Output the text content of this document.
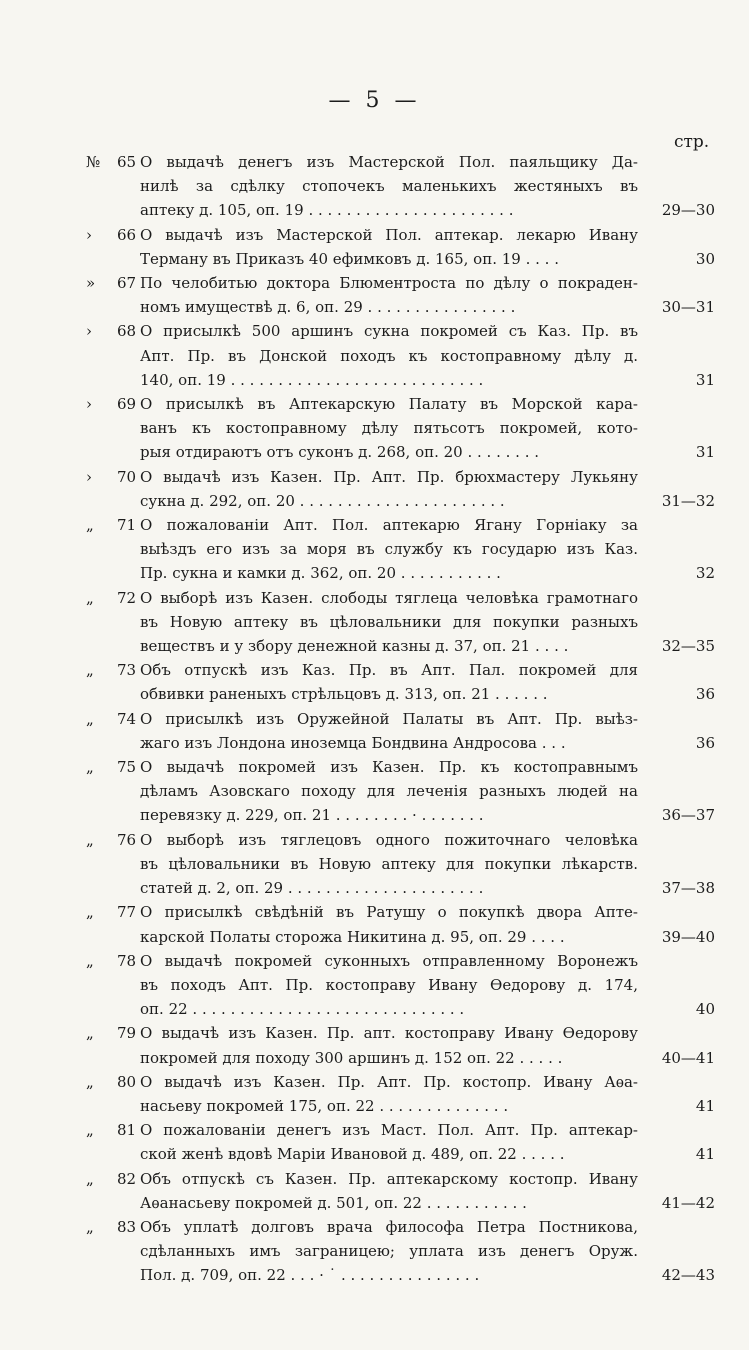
— 5 —
стр.
№	65 О выдачѣ денегъ изъ Мастерской Пол. паяльщику Да-
нилѣ за сдѣлку стопочекъ маленькихъ жестяныхъ въ
аптеку д. 105, оп. 19 . . . . . . . . . . . . . . . . . . . . . .	29—30
›	66 О выдачѣ изъ Мастерской Пол. аптекар. лекарю Ивану
Терману въ Приказъ 40 ефимковъ д. 165, оп. 19 . . . .	30
»	67 По челобитью доктора Блюментроста по дѣлу о покраден-
номъ имуществѣ д. 6, оп. 29 . . . . . . . . . . . . . . . .	30—31
›	68 О присылкѣ 500 аршинъ сукна покромей съ Каз. Пр. въ
Апт. Пр. въ Донской походъ къ костоправному дѣлу д.
140, оп. 19 . . . . . . . . . . . . . . . . . . . . . . . . . . .	31
›	69 О присылкѣ въ Аптекарскую Палату въ Морской кара-
ванъ къ костоправному дѣлу пятьсотъ покромей, кото-
рыя отдираютъ отъ суконъ д. 268, оп. 20 . . . . . . . .	31
›	70 О выдачѣ изъ Казен. Пр. Апт. Пр. брюхмастеру Лукьяну
сукна д. 292, оп. 20 . . . . . . . . . . . . . . . . . . . . . .	31—32
„	71 О пожалованіи Апт. Пол. аптекарю Ягану Горніаку за
выѣздъ его изъ за моря въ службу къ государю изъ Каз.
Пр. сукна и камки д. 362, оп. 20 . . . . . . . . . . .	32
„	72 О выборѣ изъ Казен. слободы тяглеца человѣка грамотнаго
въ Новую аптеку въ цѣловальники для покупки разныхъ
веществъ и у збору денежной казны д. 37, оп. 21 . . . .	32—35
„	73 Объ отпускѣ изъ Каз. Пр. въ Апт. Пал. покромей для
обвивки раненыхъ стрѣльцовъ д. 313, оп. 21 . . . . . .	36
„	74 О присылкѣ изъ Оружейной Палаты въ Апт. Пр. выѣз-
жаго изъ Лондона иноземца Бондвина Андросова . . .	36
„	75 О выдачѣ покромей изъ Казен. Пр. къ костоправнымъ
дѣламъ Азовскаго походу для леченія разныхъ людей на
перевязку д. 229, оп. 21 . . . . . . . . · . . . . . . .	36—37
„	76 О выборѣ изъ тяглецовъ одного пожиточнаго человѣка
въ цѣловальники въ Новую аптеку для покупки лѣкарств.
статей д. 2, оп. 29 . . . . . . . . . . . . . . . . . . . . .	37—38
„	77 О присылкѣ свѣдѣній въ Ратушу о покупкѣ двора Апте-
карской Полаты сторожа Никитина д. 95, оп. 29 . . . .	39—40
„	78 О выдачѣ покромей суконныхъ отправленному Воронежъ
въ походъ Апт. Пр. костоправу Ивану Ѳедорову д. 174,
оп. 22 . . . . . . . . . . . . . . . . . . . . . . . . . . . . .	40
„	79 О выдачѣ изъ Казен. Пр. апт. костоправу Ивану Ѳедорову
покромей для походу 300 аршинъ д. 152 оп. 22 . . . . .	40—41
„	80 О выдачѣ изъ Казен. Пр. Апт. Пр. костопр. Ивану Аѳа-
насьеву покромей 175, оп. 22 . . . . . . . . . . . . . .	41
„	81 О пожалованіи денегъ изъ Маст. Пол. Апт. Пр. аптекар-
ской женѣ вдовѣ Маріи Ивановой д. 489, оп. 22 . . . . .	41
„	82 Объ отпускѣ съ Казен. Пр. аптекарскому костопр. Ивану
Аѳанасьеву покромей д. 501, оп. 22 . . . . . . . . . . .	41—42
„	83 Объ уплатѣ долговъ врача философа Петра Постникова,
сдѣланныхъ имъ заграницею; уплата изъ денегъ Оруж.
Пол. д. 709, оп. 22 . . . · ˙ . . . . . . . . . . . . . . .	42—43
